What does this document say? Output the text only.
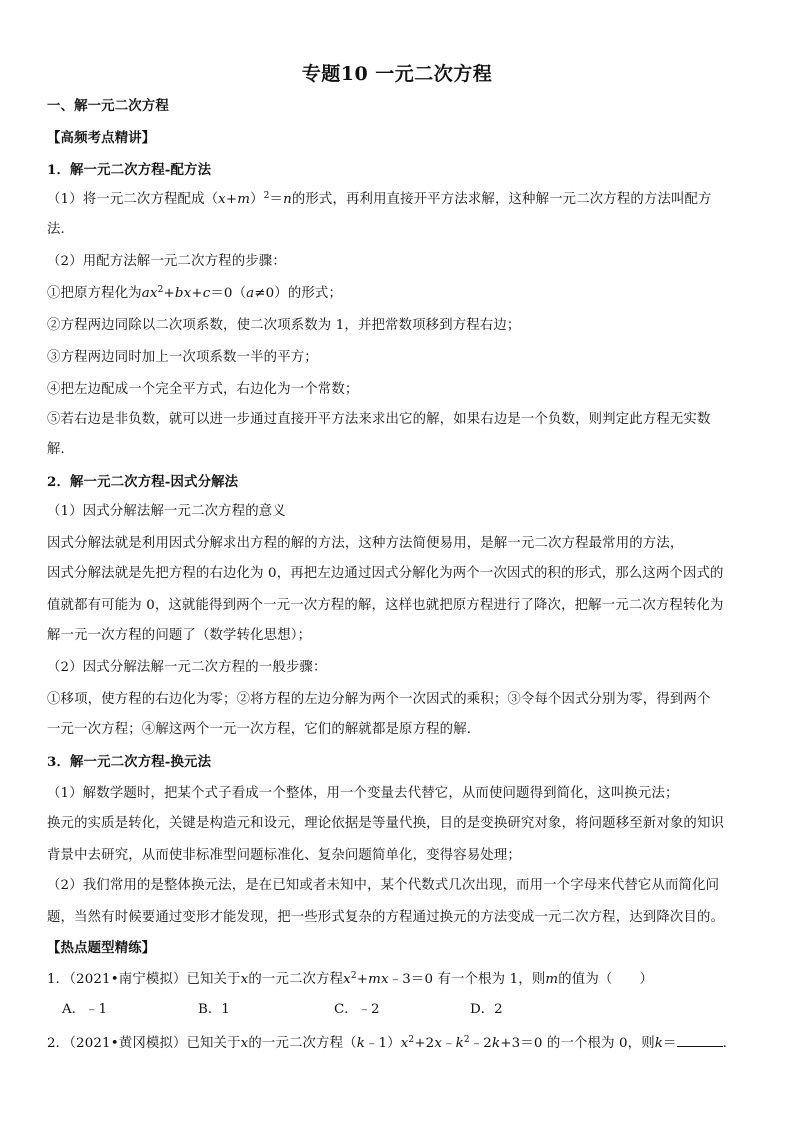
专题10 一元二次方程
一、解一元二次方程
【高频考点精讲】
1．解一元二次方程-配方法
（1）将一元二次方程配成$(x+m)^2=n$的形式，再利用直接开平方法求解，这种解一元二次方程的方法叫配方
法．
（2）用配方法解一元二次方程的步骤：
①把原方程化为$ax^2+bx+c=0(a\ne 0)$的形式；
②方程两边同除以二次项系数，使二次项系数为 1，并把常数项移到方程右边；
③方程两边同时加上一次项系数一半的平方；
④把左边配成一个完全平方式，右边化为一个常数；
⑤若右边是非负数，就可以进一步通过直接开平方法来求出它的解，如果右边是一个负数，则判定此方程无实数
解．
2．解一元二次方程-因式分解法
（1）因式分解法解一元二次方程的意义
因式分解法就是利用因式分解求出方程的解的方法，这种方法简便易用，是解一元二次方程最常用的方法，
因式分解法就是先把方程的右边化为 0，再把左边通过因式分解化为两个一次因式的积的形式，那么这两个因式的
值就都有可能为 0，这就能得到两个一元一次方程的解，这样也就把原方程进行了降次，把解一元二次方程转化为
解一元一次方程的问题了（数学转化思想）；
（2）因式分解法解一元二次方程的一般步骤：
①移项，使方程的右边化为零；②将方程的左边分解为两个一次因式的乘积；③令每个因式分别为零，得到两个
一元一次方程；④解这两个一元一次方程，它们的解就都是原方程的解．
3．解一元二次方程-换元法
（1）解数学题时，把某个式子看成一个整体，用一个变量去代替它，从而使问题得到简化，这叫换元法；
换元的实质是转化，关键是构造元和设元，理论依据是等量代换，目的是变换研究对象，将问题移至新对象的知识
背景中去研究，从而使非标准型问题标准化、复杂问题简单化，变得容易处理；
（2）我们常用的是整体换元法，是在已知或者未知中，某个代数式几次出现，而用一个字母来代替它从而简化问
题，当然有时候要通过变形才能发现，把一些形式复杂的方程通过换元的方法变成一元二次方程，达到降次目的。
【热点题型精练】
1．（2021•南宁模拟）已知关于x的一元二次方程$x^2+mx﹣3=0$ 有一个根为 1，则m的值为（　　）
A．﹣1	B．1	C．﹣2	D．2
2．（2021•黄冈模拟）已知关于x的一元二次方程$(k﹣1)x^2+2x﹣k^2﹣2k+3=0$ 的一个根为 0，则k＝	．
